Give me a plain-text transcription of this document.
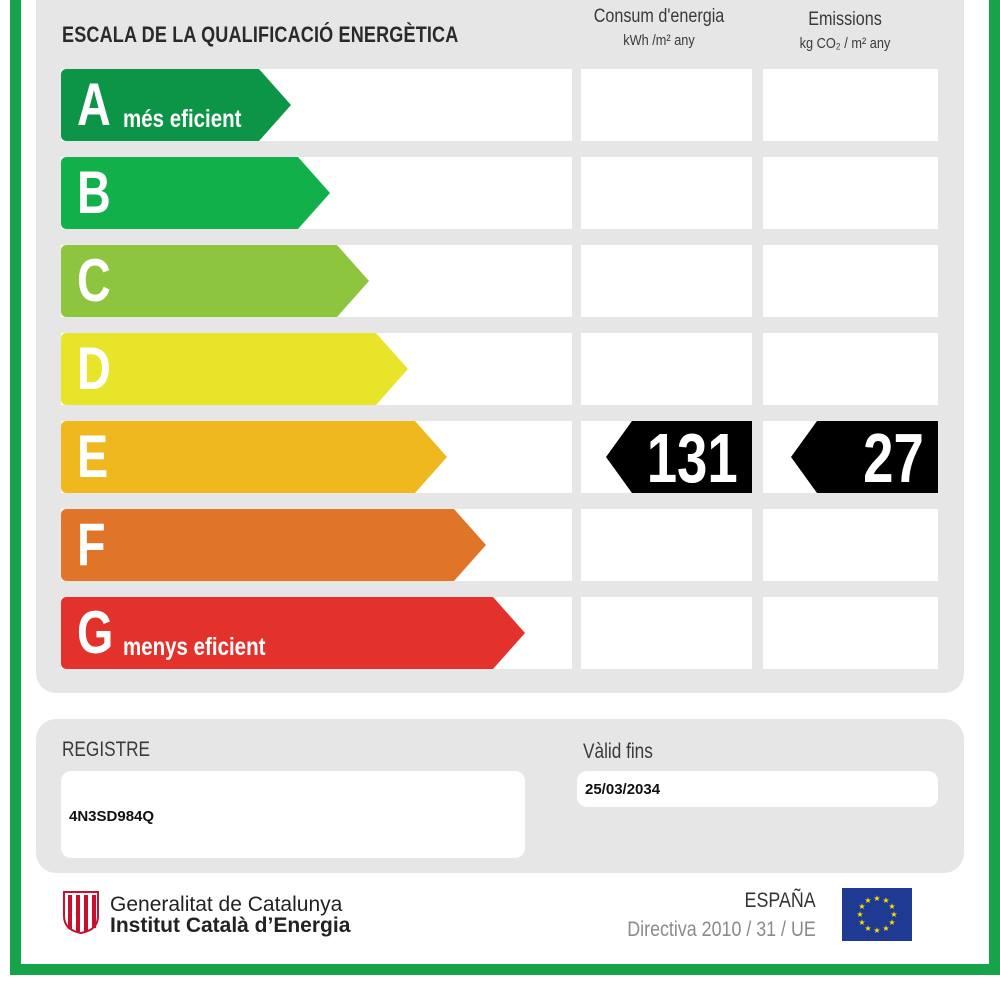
ESCALA DE LA QUALIFICACIÓ ENERGÈTICA
Consum d'energia
kWh /m² any
Emissions
kg CO₂ / m² any
A més eficient
B
C
D
E	131 27
F
G menys eficient
REGISTRE
4N3SD984Q
Vàlid fins
25/03/2034
Generalitat de Catalunya
Institut Català d’Energia
ESPAÑA
Directiva 2010 / 31 / UE
★ ★
★
★
★
★
★
★
★
★
★
★
